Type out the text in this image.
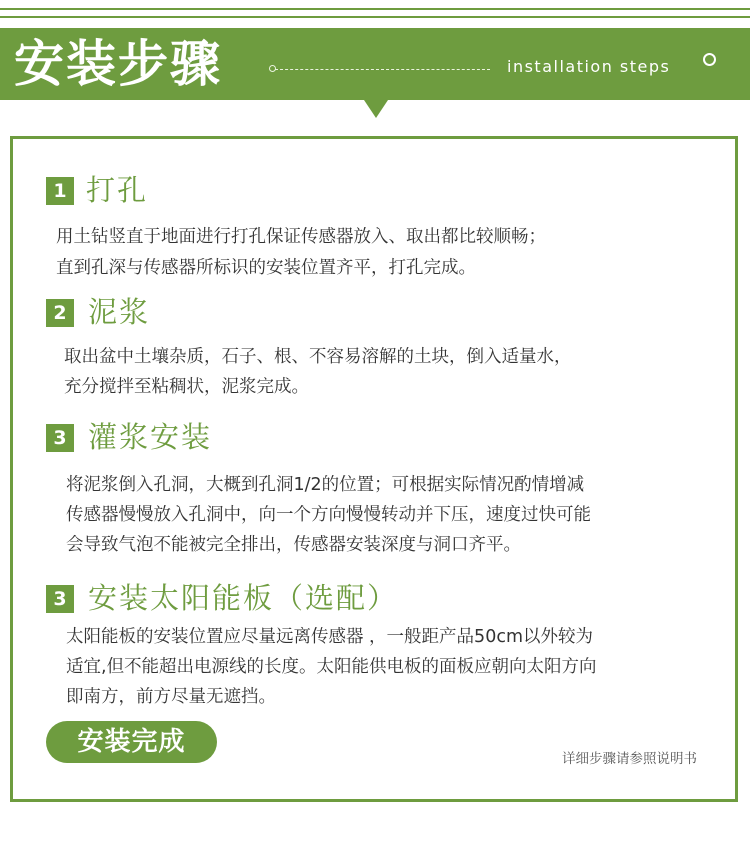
安装步骤	installation steps
1 打孔
用土钻竖直于地面进行打孔保证传感器放入、取出都比较顺畅；
直到孔深与传感器所标识的安装位置齐平，打孔完成。
2 泥浆
取出盆中土壤杂质，石子、根、不容易溶解的土块，倒入适量水，
充分搅拌至粘稠状，泥浆完成。
3 灌浆安装
将泥浆倒入孔洞，大概到孔洞1/2的位置；可根据实际情况酌情增减
传感器慢慢放入孔洞中，向一个方向慢慢转动并下压，速度过快可能
会导致气泡不能被完全排出，传感器安装深度与洞口齐平。
3 安装太阳能板（选配）
太阳能板的安装位置应尽量远离传感器 ，一般距产品50cm以外较为
适宜,但不能超出电源线的长度。太阳能供电板的面板应朝向太阳方向
即南方，前方尽量无遮挡。
安装完成
详细步骤请参照说明书
